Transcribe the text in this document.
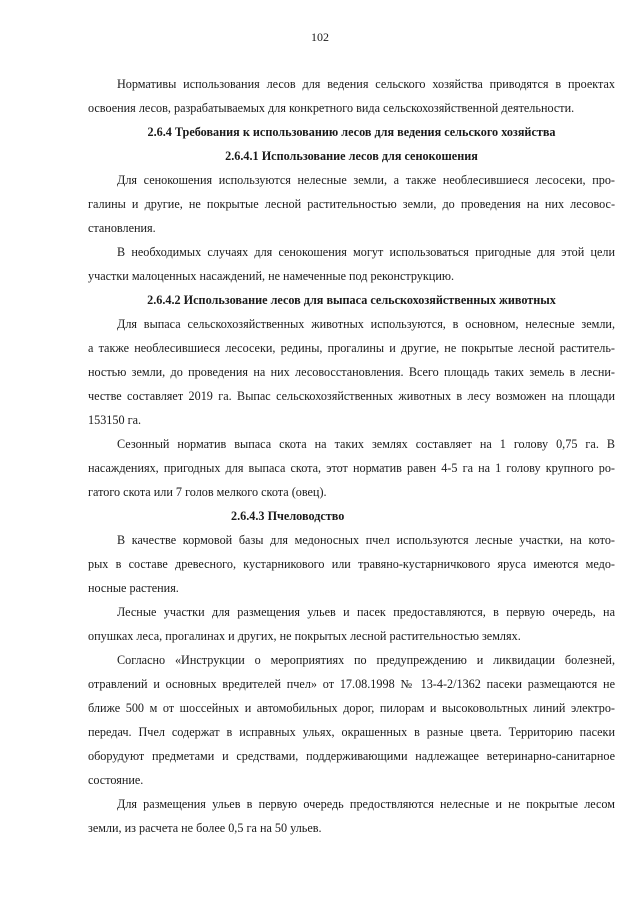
102
Нормативы использования лесов для ведения сельского хозяйства приводятся в проектах
освоения лесов, разрабатываемых для конкретного вида сельскохозяйственной деятельности.
2.6.4 Требования к использованию лесов для ведения сельского хозяйства
2.6.4.1 Использование лесов для сенокошения
Для сенокошения используются нелесные земли, а также необлесившиеся лесосеки, про-
галины и другие, не покрытые лесной растительностью земли, до проведения на них лесовос-
становления.
В необходимых случаях для сенокошения могут использоваться пригодные для этой цели
участки малоценных насаждений, не намеченные под реконструкцию.
2.6.4.2 Использование лесов для выпаса сельскохозяйственных животных
Для выпаса сельскохозяйственных животных используются, в основном, нелесные земли,
а также необлесившиеся лесосеки, редины, прогалины и другие, не покрытые лесной раститель-
ностью земли, до проведения на них лесовосстановления. Всего площадь таких земель в лесни-
честве составляет 2019 га. Выпас сельскохозяйственных животных в лесу возможен на площади
153150 га.
Сезонный норматив выпаса скота на таких землях составляет на 1 голову 0,75 га. В
насаждениях, пригодных для выпаса скота, этот норматив равен 4-5 га на 1 голову крупного ро-
гатого скота или 7 голов мелкого скота (овец).
2.6.4.3 Пчеловодство
В качестве кормовой базы для медоносных пчел используются лесные участки, на кото-
рых в составе древесного, кустарникового или травяно-кустарничкового яруса имеются медо-
носные растения.
Лесные участки для размещения ульев и пасек предоставляются, в первую очередь, на
опушках леса, прогалинах и других, не покрытых лесной растительностью землях.
Согласно «Инструкции о мероприятиях по предупреждению и ликвидации болезней,
отравлений и основных вредителей пчел» от 17.08.1998 № 13-4-2/1362 пасеки размещаются не
ближе 500 м от шоссейных и автомобильных дорог, пилорам и высоковольтных линий электро-
передач. Пчел содержат в исправных ульях, окрашенных в разные цвета. Территорию пасеки
оборудуют предметами и средствами, поддерживающими надлежащее ветеринарно-санитарное
состояние.
Для размещения ульев в первую очередь предоствляются нелесные и не покрытые лесом
земли, из расчета не более 0,5 га на 50 ульев.
